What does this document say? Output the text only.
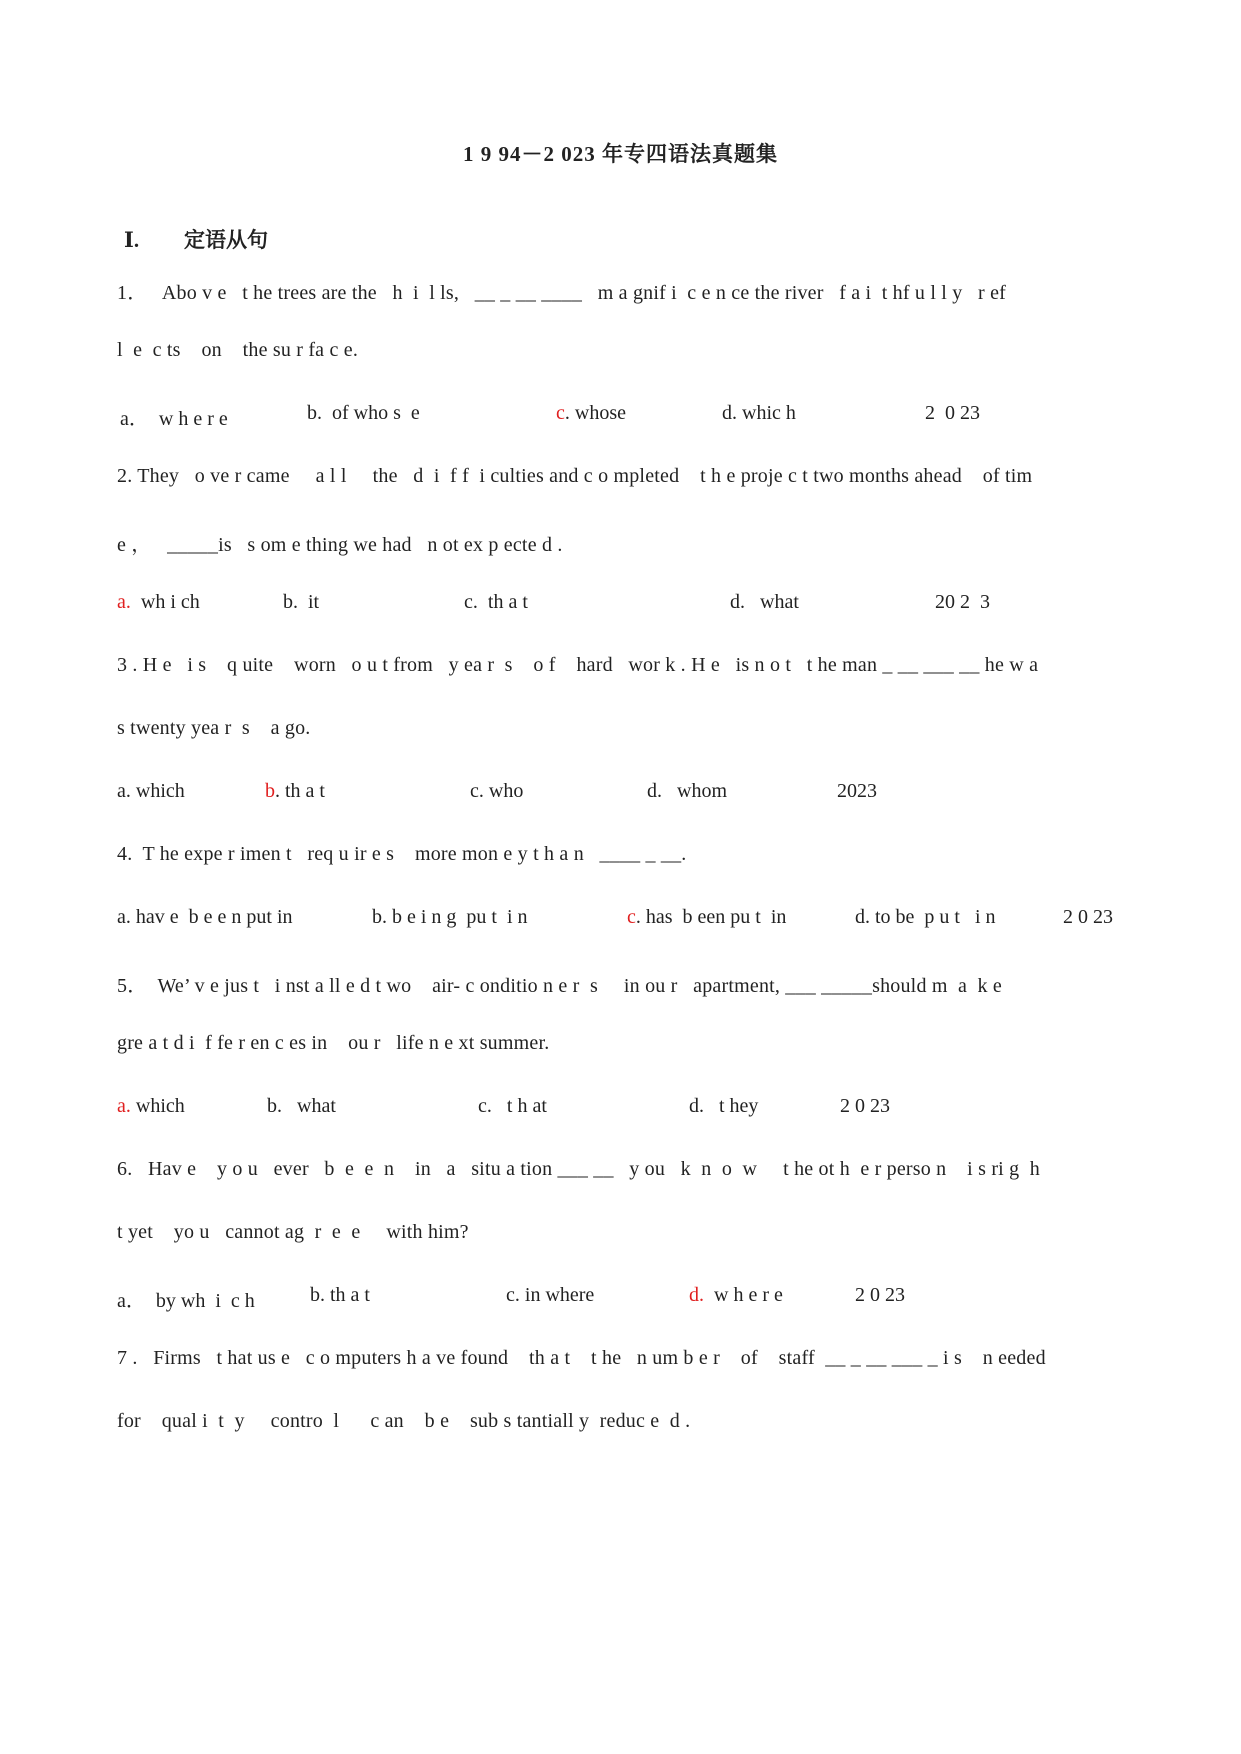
1 9 94－2 023 年专四语法真题集
Ⅰ. 定语从句
1．   Abo v e   t he trees are the   h  i  l ls,   __ _ __ ____   m a gnif i  c e n ce the river   f a i  t hf u l l y   r ef
l  e  c ts    on    the su r fa c e.
a． w h e r e	b. of who s  e	c. whose	d. whic h	2  0 23
2. They   o ve r came     a l l     the   d  i  f f  i culties and c o mpleted    t h e proje c t two months ahead    of tim
e ，   _____is   s om e thing we had   n ot ex p ecte d .
a. wh i ch	b. it	c. th a t	d. what	20 2  3
3 . H e   i s    q uite    worn   o u t from   y ea r  s    o f    hard   wor k . H e   is n o t   t he man _ __ ___ __ he w a
s twenty yea r  s    a go.
a. which	b. th a t	c. who	d. whom	2023
4.  T he expe r imen t   req u ir e s    more mon e y t h a n   ____ _ __.
a. hav e  b e e n put in	b. b e i n g  pu t  i n	c. has  b een pu t  in	d. to be  p u t   i n	2 0 23
5．  We’ v e jus t   i nst a ll e d t wo    air- c onditio n e r  s     in ou r   apartment, ___ _____should m  a  k e
gre a t d i  f fe r en c es in    ou r   life n e xt summer.
a. which	b. what	c. t h at	d. t hey	2 0 23
6.   Hav e    y o u   ever   b  e  e  n    in   a   situ a tion ___ __   y ou   k  n  o  w     t he ot h  e r perso n    i s ri g  h
t yet    yo u   cannot ag  r  e  e     with him?
a． by wh  i  c h	b. th a t	c. in where	d. w h e r e	2 0 23
7 .   Firms   t hat us e   c o mputers h a ve found    th a t    t he   n um b e r    of    staff  __ _ __ ___ _ i s    n eeded
for    qual i  t  y     contro  l      c an    b e    sub s tantiall y  reduc e  d .
